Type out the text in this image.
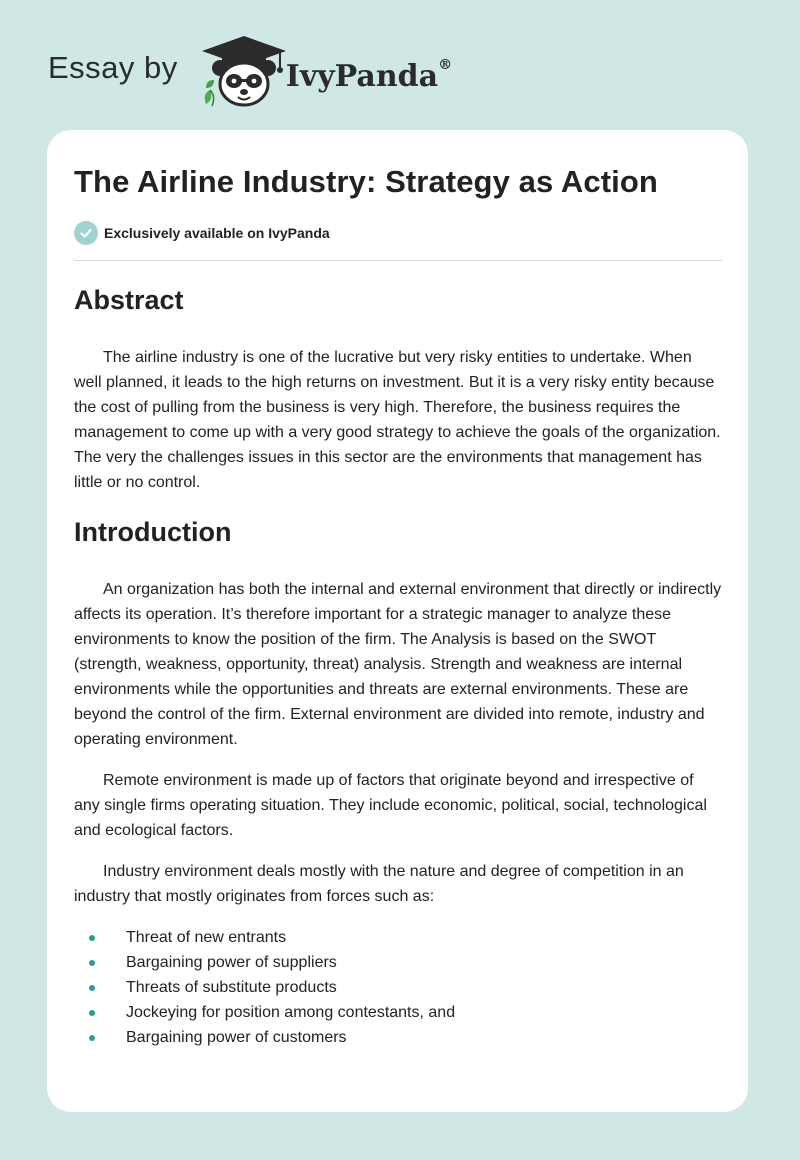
Essay by	IvyPanda®
The Airline Industry: Strategy as Action
Exclusively available on IvyPanda
Abstract

The airline industry is one of the lucrative but very risky entities to undertake. When well planned, it leads to the high returns on investment. But it is a very risky entity because the cost of pulling from the business is very high. Therefore, the business requires the management to come up with a very good strategy to achieve the goals of the organization. The very the challenges issues in this sector are the environments that management has little or no control.

Introduction

An organization has both the internal and external environment that directly or indirectly affects its operation. It’s therefore important for a strategic manager to analyze these environments to know the position of the firm. The Analysis is based on the SWOT (strength, weakness, opportunity, threat) analysis. Strength and weakness are internal environments while the opportunities and threats are external environments. These are beyond the control of the firm. External environment are divided into remote, industry and operating environment.

Remote environment is made up of factors that originate beyond and irrespective of any single firms operating situation. They include economic, political, social, technological and ecological factors.

Industry environment deals mostly with the nature and degree of competition in an industry that mostly originates from forces such as:

Threat of new entrants
Bargaining power of suppliers
Threats of substitute products
Jockeying for position among contestants, and
Bargaining power of customers
